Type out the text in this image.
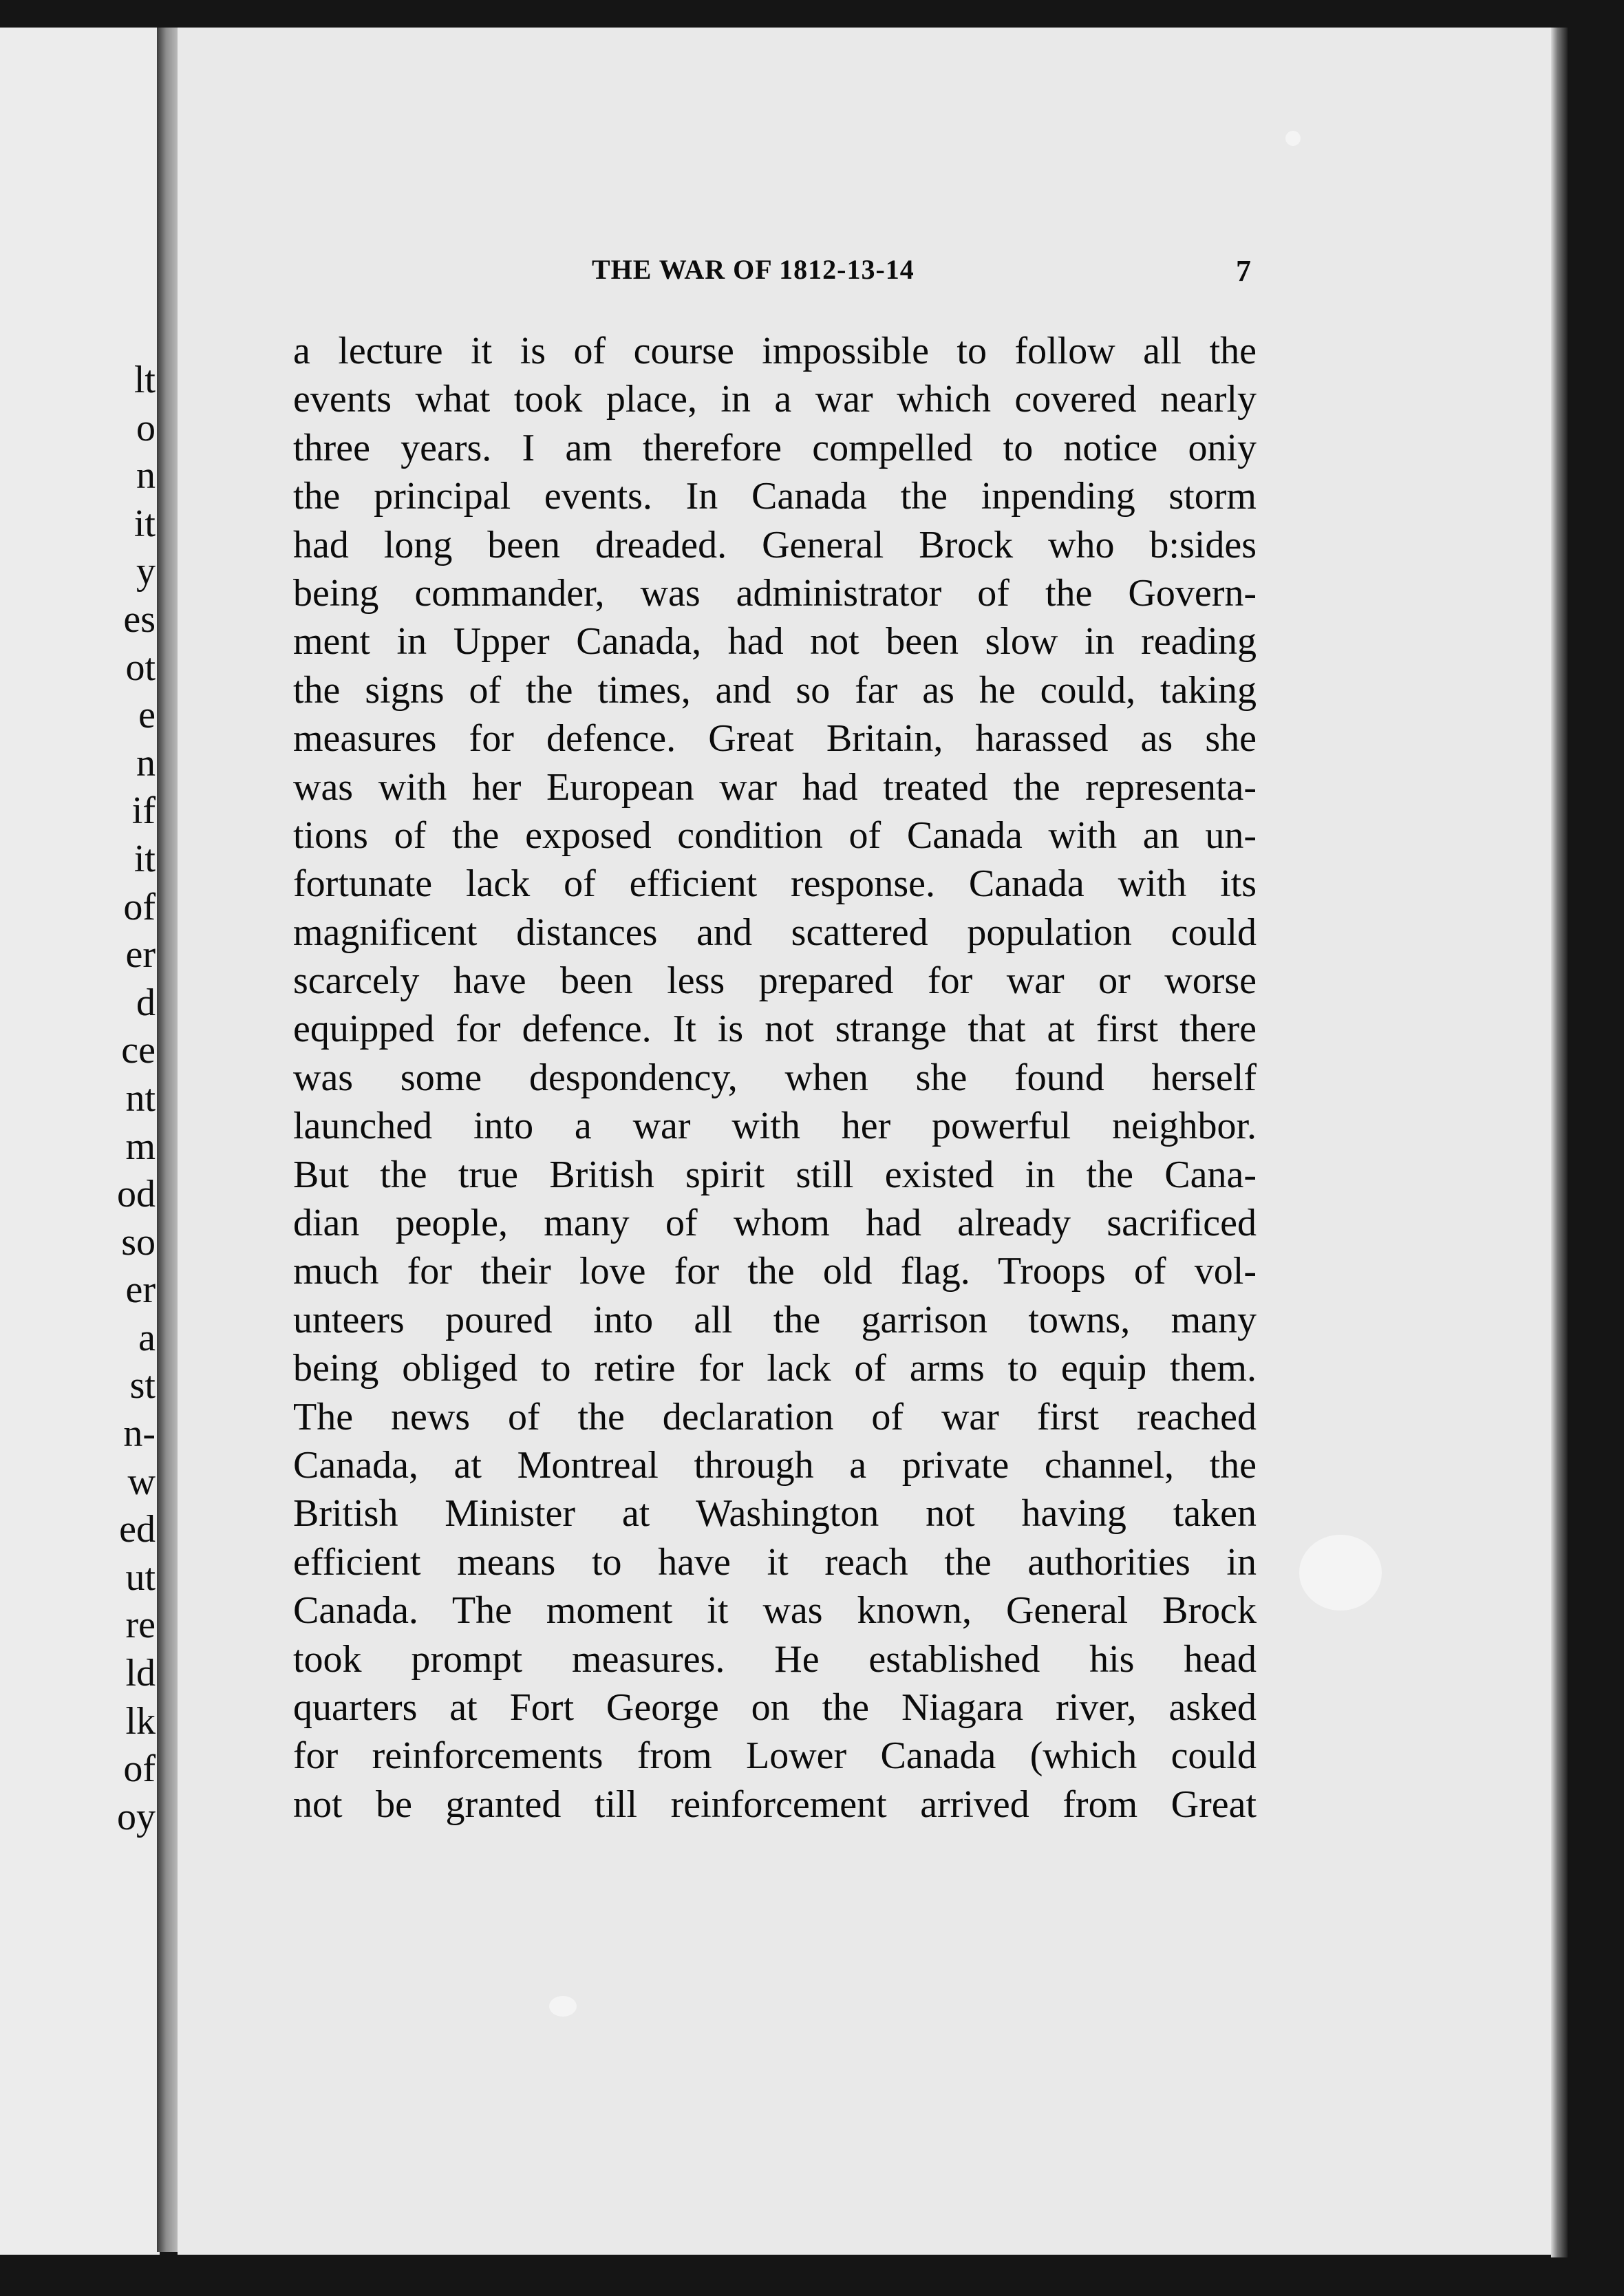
lt
o
n
it
y
es
ot
e
n
if
it
of
er
d
ce
nt
m
od
so
er
a
st
n-
w
ed
ut
re
ld
lk
of
oy
THE WAR OF 1812-13-14	7
a lecture it is of course impossible to follow all the
events what took place, in a war which covered nearly
three years. I am therefore compelled to notice oniy
the principal events. In Canada the inpending storm
had long been dreaded. General Brock who b:sides
being commander, was administrator of the Govern-
ment in Upper Canada, had not been slow in reading
the signs of the times, and so far as he could, taking
measures for defence. Great Britain, harassed as she
was with her European war had treated the representa-
tions of the exposed condition of Canada with an un-
fortunate lack of efficient response. Canada with its
magnificent distances and scattered population could
scarcely have been less prepared for war or worse
equipped for defence. It is not strange that at first there
was some despondency, when she found herself
launched into a war with her powerful neighbor.
But the true British spirit still existed in the Cana-
dian people, many of whom had already sacrificed
much for their love for the old flag. Troops of vol-
unteers poured into all the garrison towns, many
being obliged to retire for lack of arms to equip them.
The news of the declaration of war first reached
Canada, at Montreal through a private channel, the
British Minister at Washington not having taken
efficient means to have it reach the authorities in
Canada. The moment it was known, General Brock
took prompt measures. He established his head
quarters at Fort George on the Niagara river, asked
for reinforcements from Lower Canada (which could
not be granted till reinforcement arrived from Great
